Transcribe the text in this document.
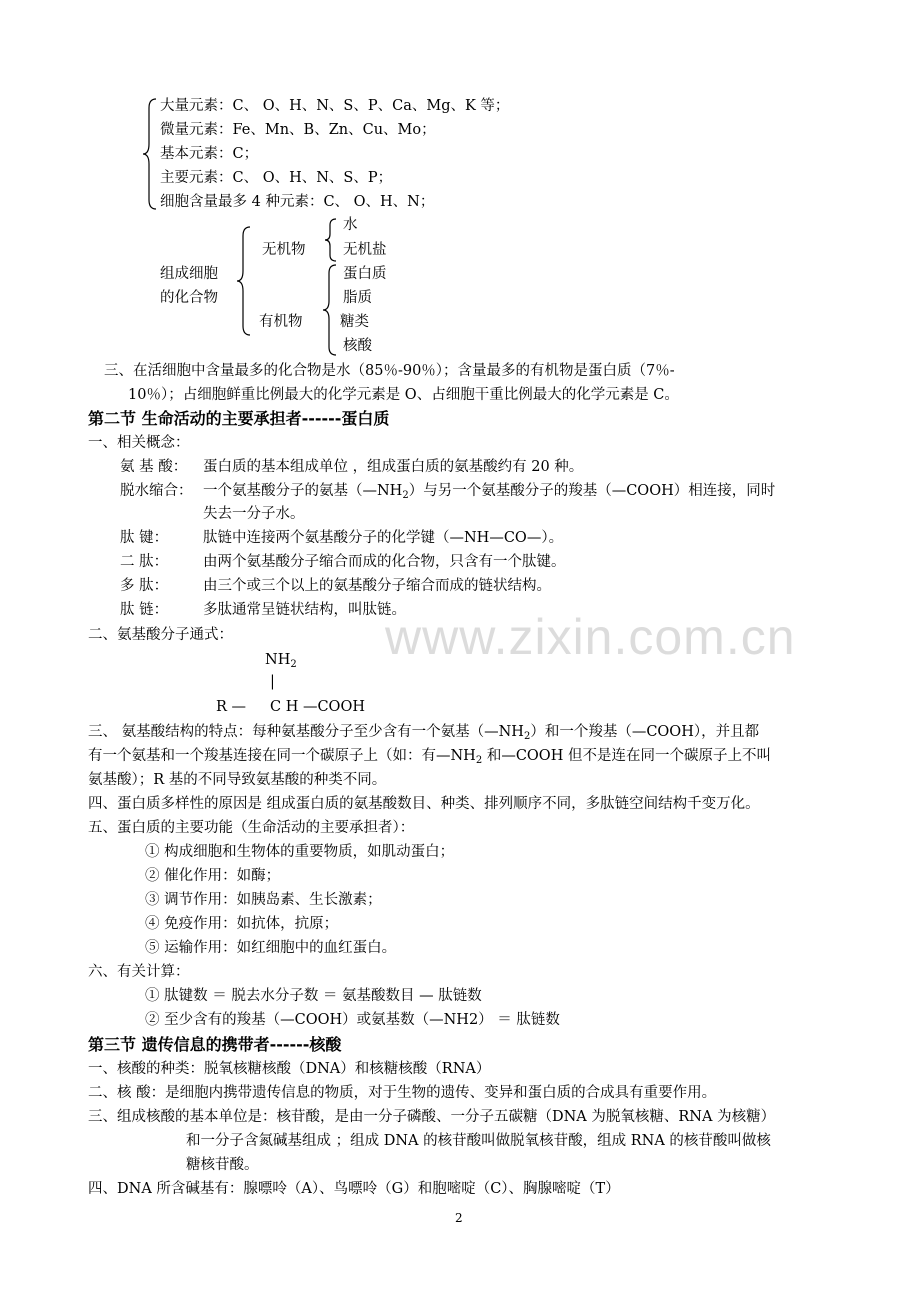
www.zixin.com.cn
大量元素：C、 O、H、N、S、P、Ca、Mg、K 等；
微量元素：Fe、Mn、B、Zn、Cu、Mo；
基本元素：C；
主要元素：C、 O、H、N、S、P；
细胞含量最多 4 种元素：C、 O、H、N；
组成细胞
的化合物
无机物
水
无机盐
有机物
蛋白质
脂质
糖类
核酸
三、在活细胞中含量最多的化合物是水（85％-90％）；含量最多的有机物是蛋白质（7％-
10％）；占细胞鲜重比例最大的化学元素是 O、占细胞干重比例最大的化学元素是 C。
第二节 生命活动的主要承担者------蛋白质
一、相关概念：
氨 基 酸： 蛋白质的基本组成单位 ，组成蛋白质的氨基酸约有 20 种。
脱水缩合： 一个氨基酸分子的氨基$(—NH_2)$与另一个氨基酸分子的羧基（—COOH）相连接，同时
失去一分子水。
肽 键： 肽链中连接两个氨基酸分子的化学键（—NH—CO—）。
二 肽： 由两个氨基酸分子缩合而成的化合物，只含有一个肽键。
多 肽： 由三个或三个以上的氨基酸分子缩合而成的链状结构。
肽 链： 多肽通常呈链状结构，叫肽链。
二、氨基酸分子通式：
$NH_2$
|
R — C H —COOH
三、 氨基酸结构的特点：每种氨基酸分子至少含有一个氨基$(—NH_2)$和一个羧基（—COOH），并且都
有一个氨基和一个羧基连接在同一个碳原子上（如：有$—NH_2$ 和—COOH 但不是连在同一个碳原子上不叫
氨基酸）；R 基的不同导致氨基酸的种类不同。
四、蛋白质多样性的原因是 组成蛋白质的氨基酸数目、种类、排列顺序不同，多肽链空间结构千变万化。
五、蛋白质的主要功能（生命活动的主要承担者）：
① 构成细胞和生物体的重要物质，如肌动蛋白；
② 催化作用：如酶；
③ 调节作用：如胰岛素、生长激素；
④ 免疫作用：如抗体，抗原；
⑤ 运输作用：如红细胞中的血红蛋白。
六、有关计算：
① 肽键数 ＝ 脱去水分子数 ＝ 氨基酸数目 — 肽链数
② 至少含有的羧基（—COOH）或氨基数（—NH2） ＝ 肽链数
第三节 遗传信息的携带者------核酸
一、核酸的种类：脱氧核糖核酸（DNA）和核糖核酸（RNA）
二、核 酸：是细胞内携带遗传信息的物质，对于生物的遗传、变异和蛋白质的合成具有重要作用。
三、组成核酸的基本单位是：核苷酸，是由一分子磷酸、一分子五碳糖（DNA 为脱氧核糖、RNA 为核糖）
和一分子含氮碱基组成 ；组成 DNA 的核苷酸叫做脱氧核苷酸，组成 RNA 的核苷酸叫做核
糖核苷酸。
四、DNA 所含碱基有：腺嘌呤（A）、鸟嘌呤（G）和胞嘧啶（C）、胸腺嘧啶（T）
2
